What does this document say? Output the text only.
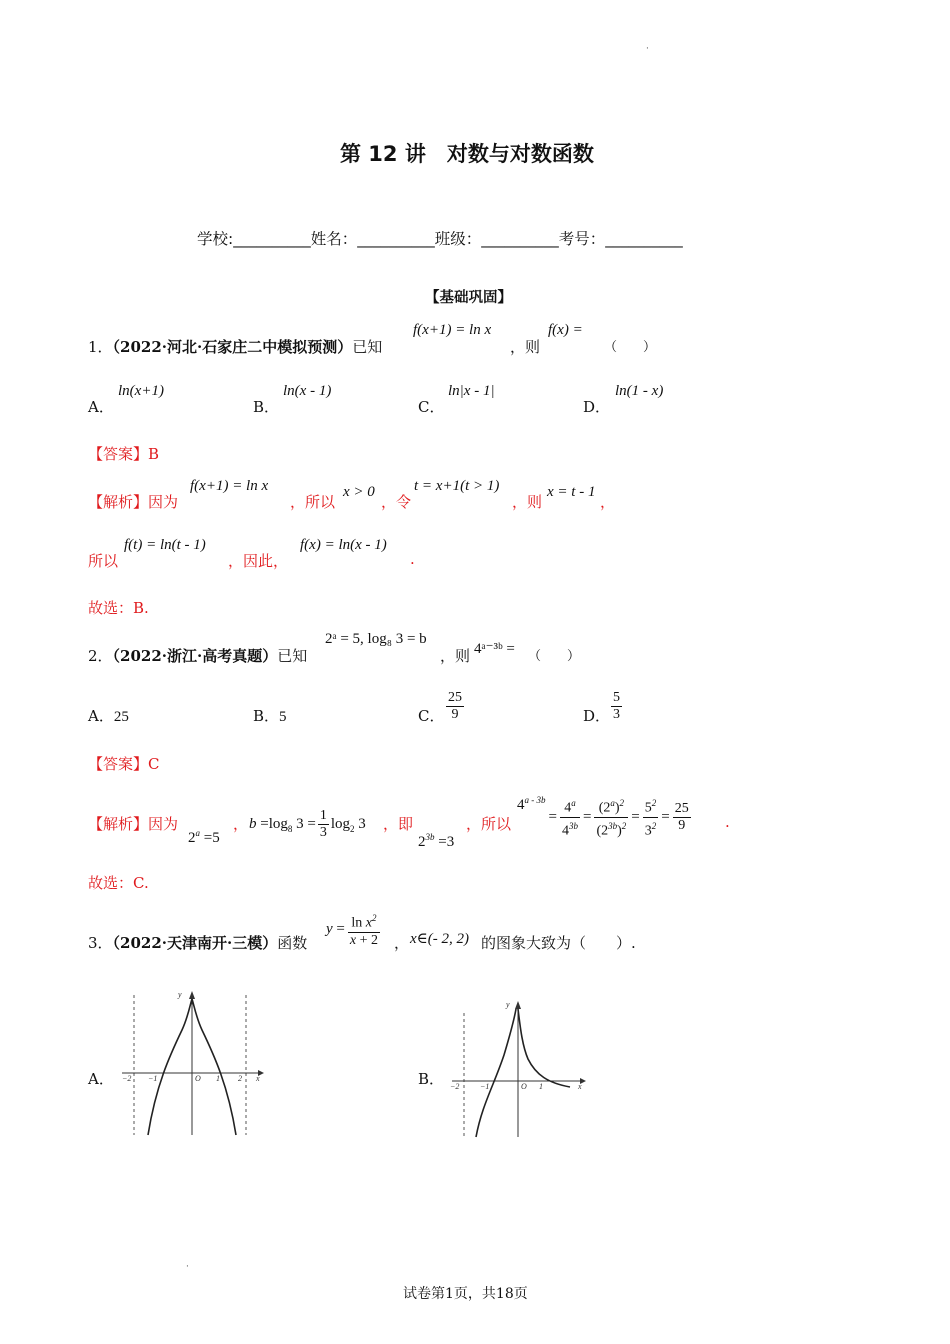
·
·
第 12 讲　对数与对数函数
学校:__________姓名：__________班级：__________考号：__________
【基础巩固】
1．（2022·河北·石家庄二中模拟预测）已知
f(x+1) = ln x
，则
f(x) =
（　　）
A．
ln(x+1)
B．
ln(x - 1)
C．
ln|x - 1|
D．
ln(1 - x)
【答案】B
【解析】因为
f(x+1) = ln x
，所以
x > 0
，令
t = x+1(t > 1)
，则
x = t - 1
，
所以
f(t) = ln(t - 1)
，因此，
f(x) = ln(x - 1)
.
故选：B.
2．（2022·浙江·高考真题）已知
2ᵃ = 5, log₈ 3 = b
，则 4ᵃ⁻³ᵇ = （　　）
A．25	B．5	C． $\frac{25}{9}$	D． $\frac{5}{3}$
【答案】C
【解析】因为
$2^a =5$
， $b =\log_8$ $3 = \frac{1}{3} \log_2 3$ ，即
$2^{3b} =3$
，所以
$4^{a - 3b}$
= $\frac{4^a}{4^{3b}} = \frac{(2^a)^2}{(2^{3b})^2} = \frac{5^2}{3^2} = \frac{25}{9}$ .
故选：C.
3．（2022·天津南开·三模）函数
$y = \frac{\ln x^2}{x + 2}$ ， x∈(- 2, 2) 的图象大致为（　　）.
A． −2 −1	O 1 2 x
y
B． −2	−1	O 1	x
y
试卷第1页，共18页
